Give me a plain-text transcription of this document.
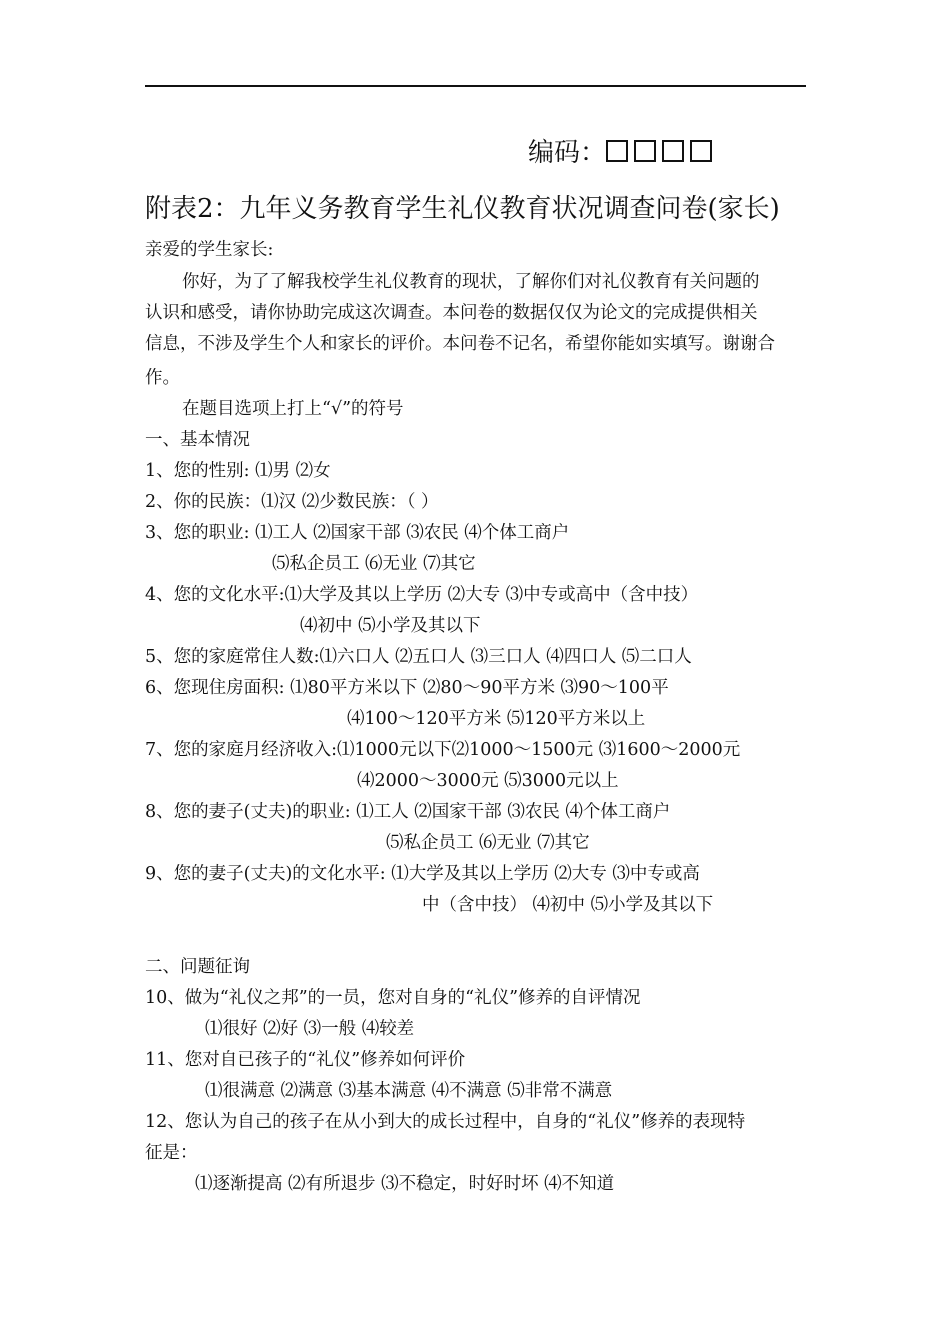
编码：
附表2：九年义务教育学生礼仪教育状况调查问卷(家长)
亲爱的学生家长:
你好，为了了解我校学生礼仪教育的现状，了解你们对礼仪教育有关问题的
认识和感受，请你协助完成这次调查。本问卷的数据仅仅为论文的完成提供相关
信息，不涉及学生个人和家长的评价。本问卷不记名，希望你能如实填写。谢谢合
作。
在题目选项上打上“√”的符号
一、基本情况
1、您的性别: ⑴男 ⑵女
2、你的民族：⑴汉 ⑵少数民族：（ ）
3、您的职业: ⑴工人 ⑵国家干部 ⑶农民 ⑷个体工商户
⑸私企员工 ⑹无业 ⑺其它
4、您的文化水平:⑴大学及其以上学历 ⑵大专 ⑶中专或高中（含中技）
⑷初中 ⑸小学及其以下
5、您的家庭常住人数:⑴六口人 ⑵五口人 ⑶三口人 ⑷四口人 ⑸二口人
6、您现住房面积: ⑴80平方米以下 ⑵80～90平方米 ⑶90～100平
⑷100～120平方米 ⑸120平方米以上
7、您的家庭月经济收入:⑴1000元以下⑵1000～1500元 ⑶1600～2000元
⑷2000～3000元 ⑸3000元以上
8、您的妻子(丈夫)的职业: ⑴工人 ⑵国家干部 ⑶农民 ⑷个体工商户
⑸私企员工 ⑹无业 ⑺其它
9、您的妻子(丈夫)的文化水平: ⑴大学及其以上学历 ⑵大专 ⑶中专或高
中（含中技） ⑷初中 ⑸小学及其以下
二、问题征询
10、做为“礼仪之邦”的一员，您对自身的“礼仪”修养的自评情况
⑴很好 ⑵好 ⑶一般 ⑷较差
11、您对自已孩子的“礼仪”修养如何评价
⑴很满意 ⑵满意 ⑶基本满意 ⑷不满意 ⑸非常不满意
12、您认为自己的孩子在从小到大的成长过程中，自身的“礼仪”修养的表现特
征是：
⑴逐渐提高 ⑵有所退步 ⑶不稳定，时好时坏 ⑷不知道
